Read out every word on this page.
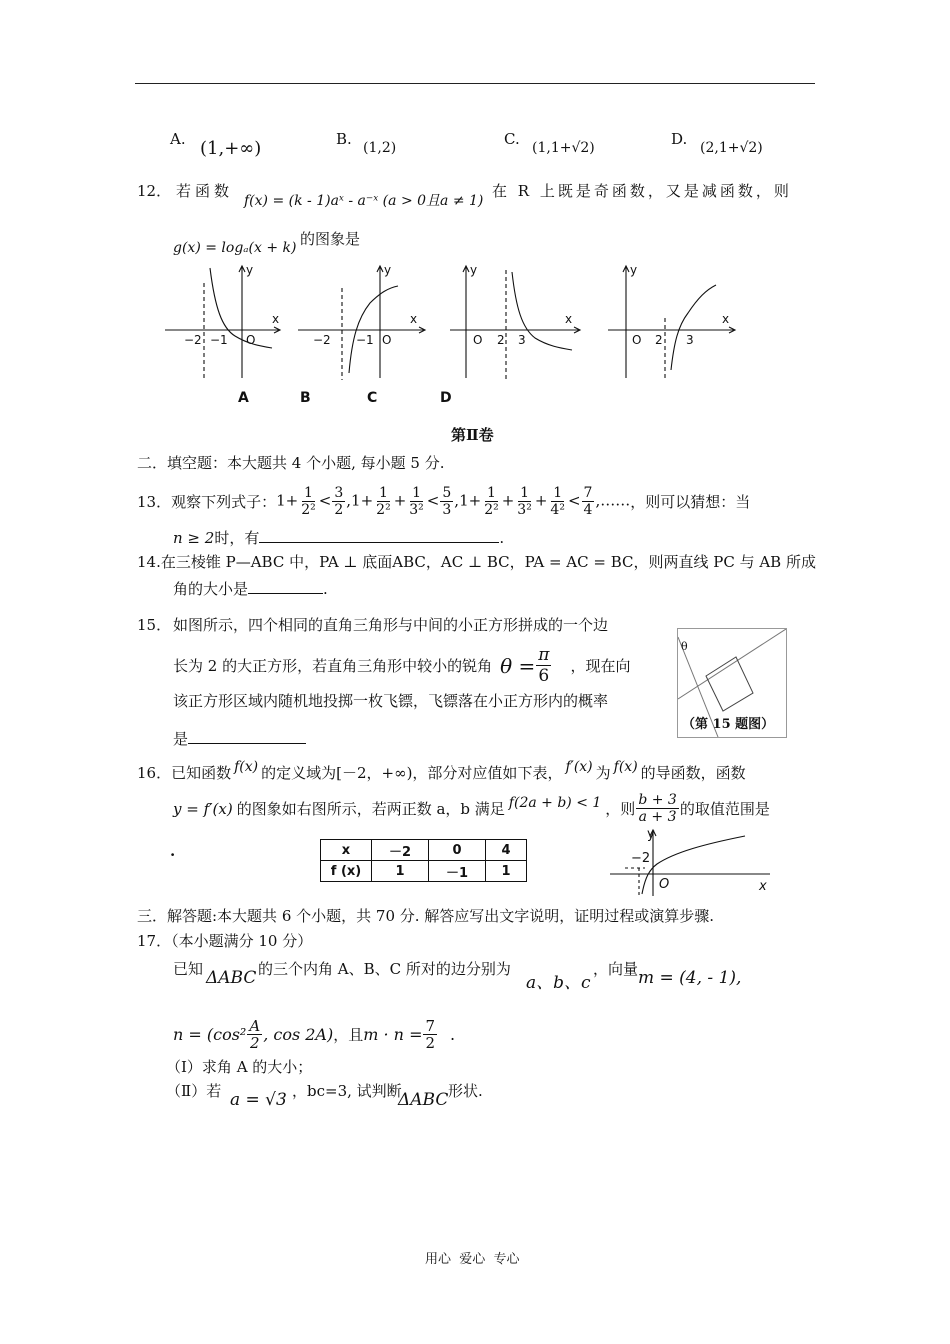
A. (1,+∞)	B. (1,2)	C. (1,1+√2)	D. (2,1+√2)
12． 若函数
f(x) = (k - 1)aˣ - a⁻ˣ (a > 0且a ≠ 1)
在 R 上既是奇函数，又是减函数，则
g(x) = logₐ(x + k) 的图象是
y
x
−2 −1 O
y
x
−2 −1 O
y
x
O 2 3
y
x
O 2 3
A	B	C	D
第Ⅱ卷
二．填空题：本大题共 4 个小题, 每小题 5 分.
13． 观察下列式子： $1+ \frac{1}{\text{2²}} < \frac{3}{2} ,1+ \frac{1}{\text{2²}} + \frac{1}{\text{3²}} < \frac{5}{3} ,1+ \frac{1}{\text{2²}} + \frac{1}{\text{3²}} + \frac{1}{\text{4²}} < \frac{7}{4}$ ,…… ，则可以猜想：当
n ≥ 2时，有	.
14.在三棱锥 P—ABC 中，PA ⊥ 底面ABC，AC ⊥ BC，PA = AC = BC，则两直线 PC 与 AB 所成
角的大小是	.
15． 如图所示，四个相同的直角三角形与中间的小正方形拼成的一个边
长为 2 的大正方形，若直角三角形中较小的锐角 $\theta = \frac{\pi}{6}$ ，现在向
该正方形区域内随机地投掷一枚飞镖，飞镖落在小正方形内的概率
是
θ
（第 15 题图）
16． 已知函数 f(x) 的定义域为[－2，+∞)，部分对应值如下表， f′(x) 为 f(x) 的导函数，函数
y = f′(x) 的图象如右图所示，若两正数 a，b 满足 f(2a + b) < 1 ，则 $\frac{b + 3}{a + 3}$ 的取值范围是
.	x	－2	0	4
f (x)	1	－1	1
y
x
O
−2
三．解答题:本大题共 6 个小题，共 70 分. 解答应写出文字说明，证明过程或演算步骤.
17．（本小题满分 10 分）
已知 ΔABC 的三个内角 A、B、C 所对的边分别为
a、b、c
，向量 m = (4, - 1),
$n = (\cos^2 \frac{A}{2}$ , cos 2A) ，且 $m \cdot n = \frac{7}{2}$ .
（Ⅰ）求角 A 的大小；
（Ⅱ）若 a = √3 ，bc=3, 试判断
ΔABC 形状.
用心  爱心  专心
